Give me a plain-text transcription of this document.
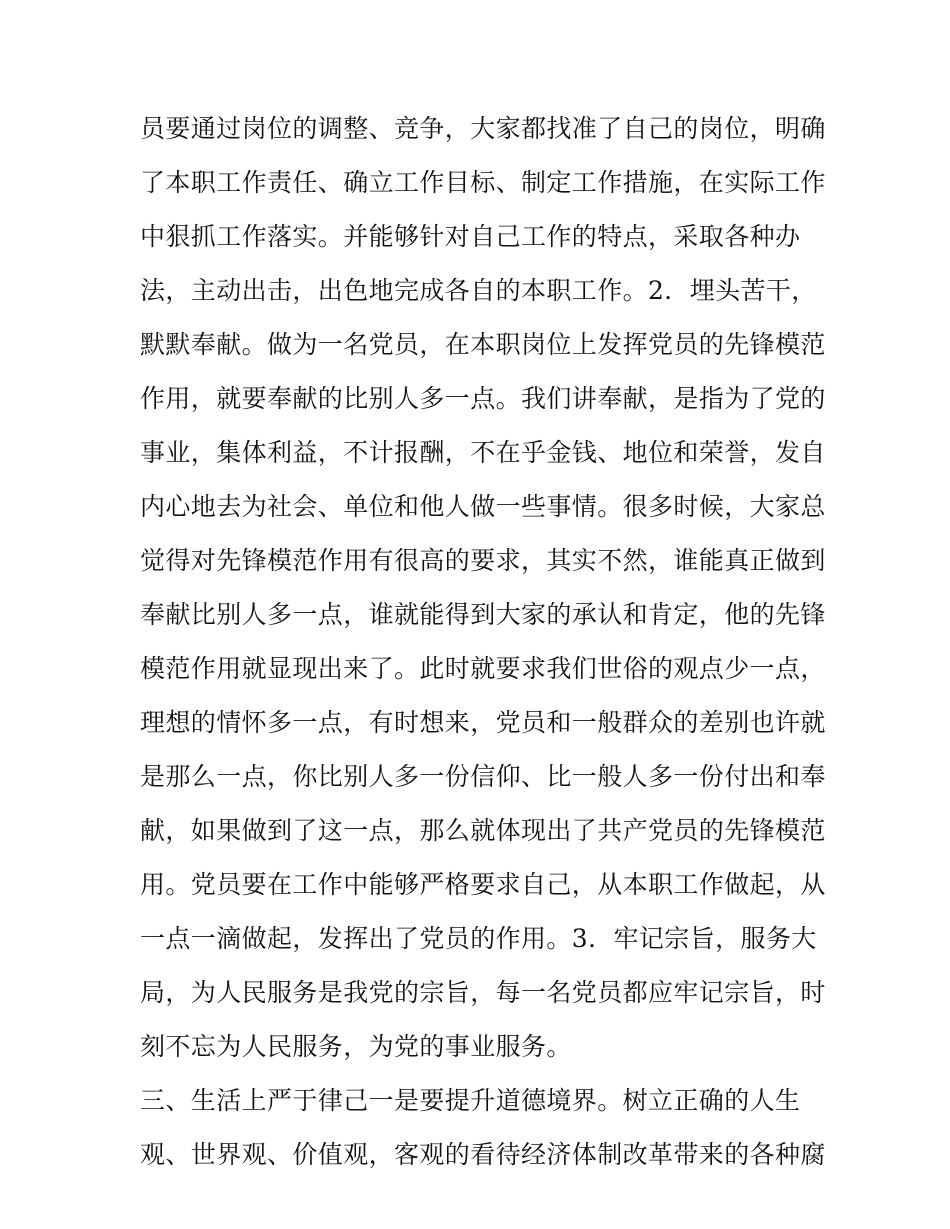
员要通过岗位的调整、竞争，大家都找准了自己的岗位，明确
了本职工作责任、确立工作目标、制定工作措施，在实际工作
中狠抓工作落实。并能够针对自己工作的特点，采取各种办
法，主动出击，出色地完成各自的本职工作。2．埋头苦干，
默默奉献。做为一名党员，在本职岗位上发挥党员的先锋模范
作用，就要奉献的比别人多一点。我们讲奉献，是指为了党的
事业，集体利益，不计报酬，不在乎金钱、地位和荣誉，发自
内心地去为社会、单位和他人做一些事情。很多时候，大家总
觉得对先锋模范作用有很高的要求，其实不然，谁能真正做到
奉献比别人多一点，谁就能得到大家的承认和肯定，他的先锋
模范作用就显现出来了。此时就要求我们世俗的观点少一点，
理想的情怀多一点，有时想来，党员和一般群众的差别也许就
是那么一点，你比别人多一份信仰、比一般人多一份付出和奉
献，如果做到了这一点，那么就体现出了共产党员的先锋模范
用。党员要在工作中能够严格要求自己，从本职工作做起，从
一点一滴做起，发挥出了党员的作用。3．牢记宗旨，服务大
局，为人民服务是我党的宗旨，每一名党员都应牢记宗旨，时
刻不忘为人民服务，为党的事业服务。
三、生活上严于律己一是要提升道德境界。树立正确的人生
观、世界观、价值观，客观的看待经济体制改革带来的各种腐
